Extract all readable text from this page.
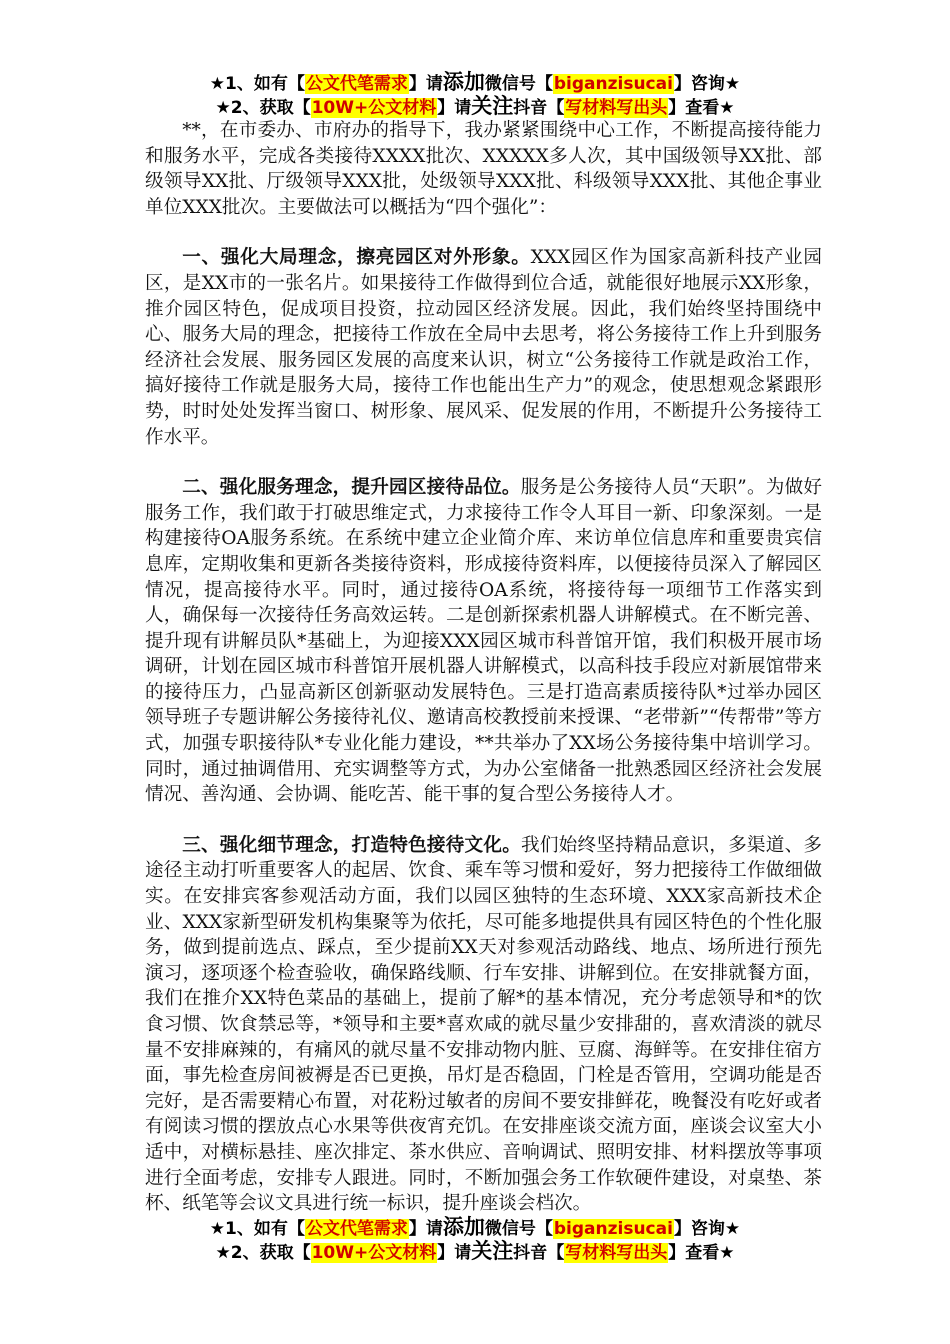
★1、如有【公文代笔需求】请添加微信号【biganzisucai】咨询★
★2、获取【10W+公文材料】请关注抖音【写材料写出头】查看★

**，在市委办、市府办的指导下，我办紧紧围绕中心工作，不断提高接待能力和服务水平，完成各类接待XXXX批次、XXXXX多人次，其中国级领导XX批、部级领导XX批、厅级领导XXX批，处级领导XXX批、科级领导XXX批、其他企事业单位XXX批次。主要做法可以概括为“四个强化”：

一、强化大局理念，擦亮园区对外形象。XXX园区作为国家高新科技产业园区，是XX市的一张名片。如果接待工作做得到位合适，就能很好地展示XX形象，推介园区特色，促成项目投资，拉动园区经济发展。因此，我们始终坚持围绕中心、服务大局的理念，把接待工作放在全局中去思考，将公务接待工作上升到服务经济社会发展、服务园区发展的高度来认识，树立“公务接待工作就是政治工作，搞好接待工作就是服务大局，接待工作也能出生产力”的观念，使思想观念紧跟形势，时时处处发挥当窗口、树形象、展风采、促发展的作用，不断提升公务接待工作水平。

二、强化服务理念，提升园区接待品位。服务是公务接待人员“天职”。为做好服务工作，我们敢于打破思维定式，力求接待工作令人耳目一新、印象深刻。一是构建接待OA服务系统。在系统中建立企业简介库、来访单位信息库和重要贵宾信息库，定期收集和更新各类接待资料，形成接待资料库，以便接待员深入了解园区情况，提高接待水平。同时，通过接待OA系统，将接待每一项细节工作落实到人，确保每一次接待任务高效运转。二是创新探索机器人讲解模式。在不断完善、提升现有讲解员队*基础上，为迎接XXX园区城市科普馆开馆，我们积极开展市场调研，计划在园区城市科普馆开展机器人讲解模式，以高科技手段应对新展馆带来的接待压力，凸显高新区创新驱动发展特色。三是打造高素质接待队*过举办园区领导班子专题讲解公务接待礼仪、邀请高校教授前来授课、“老带新”“传帮带”等方式，加强专职接待队*专业化能力建设，**共举办了XX场公务接待集中培训学习。同时，通过抽调借用、充实调整等方式，为办公室储备一批熟悉园区经济社会发展情况、善沟通、会协调、能吃苦、能干事的复合型公务接待人才。

三、强化细节理念，打造特色接待文化。我们始终坚持精品意识，多渠道、多途径主动打听重要客人的起居、饮食、乘车等习惯和爱好，努力把接待工作做细做实。在安排宾客参观活动方面，我们以园区独特的生态环境、XXX家高新技术企业、XXX家新型研发机构集聚等为依托，尽可能多地提供具有园区特色的个性化服务，做到提前选点、踩点，至少提前XX天对参观活动路线、地点、场所进行预先演习，逐项逐个检查验收，确保路线顺、行车安排、讲解到位。在安排就餐方面，我们在推介XX特色菜品的基础上，提前了解*的基本情况，充分考虑领导和*的饮食习惯、饮食禁忌等，*领导和主要*喜欢咸的就尽量少安排甜的，喜欢清淡的就尽量不安排麻辣的，有痛风的就尽量不安排动物内脏、豆腐、海鲜等。在安排住宿方面，事先检查房间被褥是否已更换，吊灯是否稳固，门栓是否管用，空调功能是否完好，是否需要精心布置，对花粉过敏者的房间不要安排鲜花，晚餐没有吃好或者有阅读习惯的摆放点心水果等供夜宵充饥。在安排座谈交流方面，座谈会议室大小适中，对横标悬挂、座次排定、茶水供应、音响调试、照明安排、材料摆放等事项进行全面考虑，安排专人跟进。同时，不断加强会务工作软硬件建设，对桌垫、茶杯、纸笔等会议文具进行统一标识，提升座谈会档次。

★1、如有【公文代笔需求】请添加微信号【biganzisucai】咨询★
★2、获取【10W+公文材料】请关注抖音【写材料写出头】查看★
